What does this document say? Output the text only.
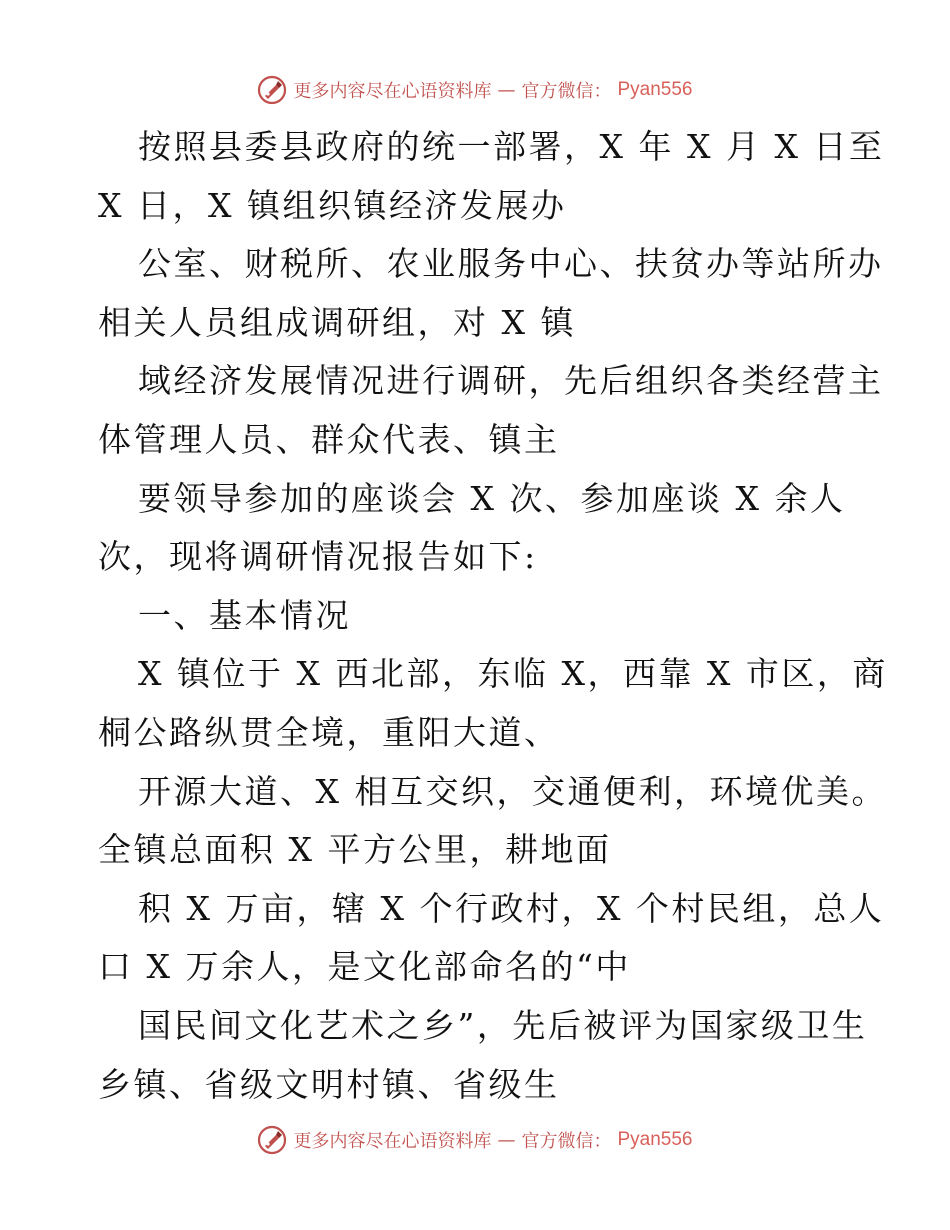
更多内容尽在心语资料库 — 官方微信： Pyan556
按照县委县政府的统一部署，X 年 X 月 X 日至
X 日，X 镇组织镇经济发展办
公室、财税所、农业服务中心、扶贫办等站所办
相关人员组成调研组，对 X 镇
域经济发展情况进行调研，先后组织各类经营主
体管理人员、群众代表、镇主
要领导参加的座谈会 X 次、参加座谈 X 余人
次，现将调研情况报告如下:
一、基本情况
X 镇位于 X 西北部，东临 X，西靠 X 市区，商
桐公路纵贯全境，重阳大道、
开源大道、X 相互交织，交通便利，环境优美。
全镇总面积 X 平方公里，耕地面
积 X 万亩，辖 X 个行政村，X 个村民组，总人
口 X 万余人，是文化部命名的“中
国民间文化艺术之乡”，先后被评为国家级卫生
乡镇、省级文明村镇、省级生
更多内容尽在心语资料库 — 官方微信： Pyan556
